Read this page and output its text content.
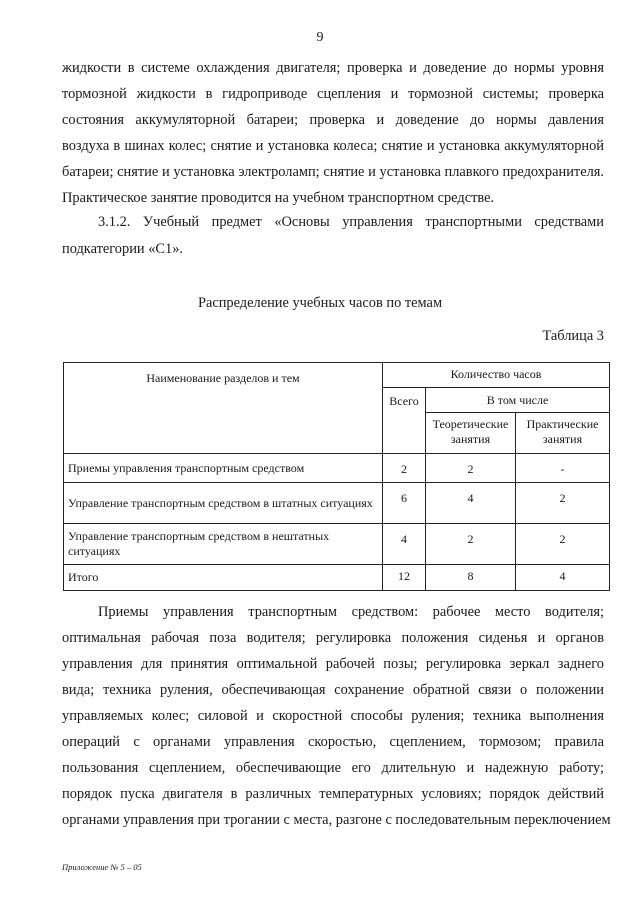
9
жидкости в системе охлаждения двигателя; проверка и доведение до нормы уровня
тормозной жидкости в гидроприводе сцепления и тормозной системы; проверка
состояния аккумуляторной батареи; проверка и доведение до нормы давления
воздуха в шинах колес; снятие и установка колеса; снятие и установка аккумуляторной
батареи; снятие и установка электроламп; снятие и установка плавкого предохранителя.
Практическое занятие проводится на учебном транспортном средстве.
3.1.2. Учебный предмет «Основы управления транспортными средствами
подкатегории «С1».
Распределение учебных часов по темам
Таблица 3
Наименование разделов и тем	Количество часов		
	Всего	В том числе	
		Теоретические занятия	Практические занятия
Приемы управления транспортным средством	2	2	-
Управление транспортным средством в штатных ситуациях	6	4	2
Управление транспортным средством в нештатных ситуациях	4	2	2
Итого	12	8	4
Приемы управления транспортным средством: рабочее место водителя;
оптимальная рабочая поза водителя; регулировка положения сиденья и органов
управления для принятия оптимальной рабочей позы; регулировка зеркал заднего
вида; техника руления, обеспечивающая сохранение обратной связи о положении
управляемых колес; силовой и скоростной способы руления; техника выполнения
операций с органами управления скоростью, сцеплением, тормозом; правила
пользования сцеплением, обеспечивающие его длительную и надежную работу;
порядок пуска двигателя в различных температурных условиях; порядок действий
органами управления при трогании с места, разгоне с последовательным переключением
Приложение № 5 – 05
